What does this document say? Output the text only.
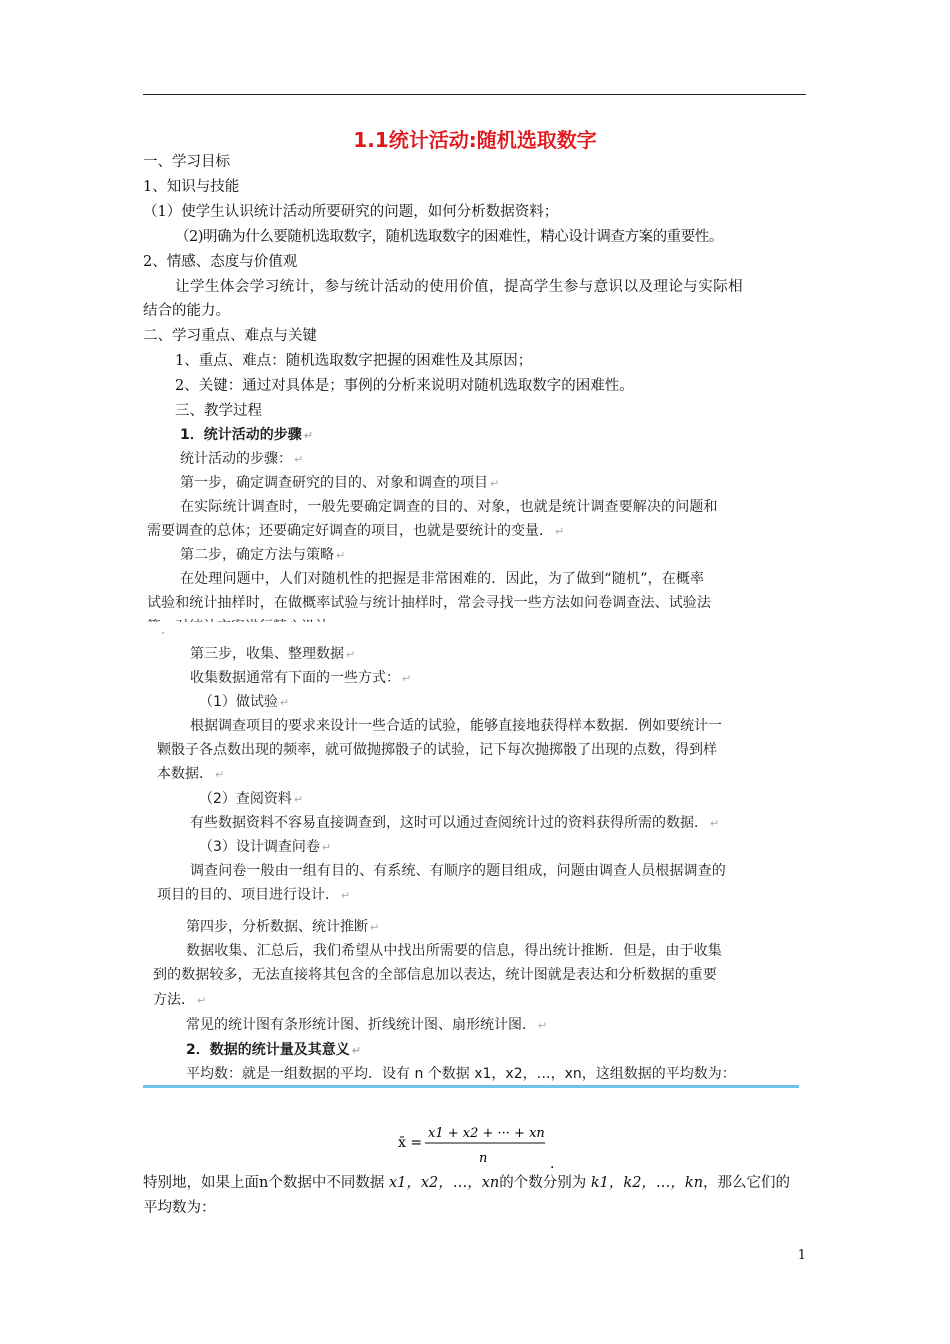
1.1统计活动:随机选取数字
一、学习目标
1、知识与技能
（1）使学生认识统计活动所要研究的问题，如何分析数据资料；
（2)明确为什么要随机选取数字，随机选取数字的困难性，精心设计调查方案的重要性。
2、情感、态度与价值观
让学生体会学习统计，参与统计活动的使用价值，提高学生参与意识以及理论与实际相
结合的能力。
二、学习重点、难点与关键
1、重点、难点：随机选取数字把握的困难性及其原因；
2、关键：通过对具体是；事例的分析来说明对随机选取数字的困难性。
三、教学过程
1．统计活动的步骤 ↵
统计活动的步骤： ↵
第一步，确定调查研究的目的、对象和调查的项目 ↵
在实际统计调查时，一般先要确定调查的目的、对象，也就是统计调查要解决的问题和
需要调查的总体；还要确定好调查的项目，也就是要统计的变量． ↵
第二步，确定方法与策略 ↵
在处理问题中，人们对随机性的把握是非常困难的．因此，为了做到“随机”，在概率
试验和统计抽样时，在做概率试验与统计抽样时，常会寻找一些方法如问卷调查法、试验法
第三步，收集、整理数据 ↵
收集数据通常有下面的一些方式： ↵
（1）做试验 ↵
根据调查项目的要求来设计一些合适的试验，能够直接地获得样本数据．例如要统计一
颗骰子各点数出现的频率，就可做抛掷骰子的试验，记下每次抛掷骰了出现的点数，得到样
本数据． ↵
（2）查阅资料 ↵
有些数据资料不容易直接调查到，这时可以通过查阅统计过的资料获得所需的数据． ↵
（3）设计调查问卷 ↵
调查问卷一般由一组有目的、有系统、有顺序的题目组成，问题由调查人员根据调查的
项目的目的、项目进行设计． ↵
第四步，分析数据、统计推断 ↵
数据收集、汇总后，我们希望从中找出所需要的信息，得出统计推断．但是，由于收集
到的数据较多，无法直接将其包含的全部信息加以表达，统计图就是表达和分析数据的重要
方法． ↵
常见的统计图有条形统计图、折线统计图、扇形统计图． ↵
2．数据的统计量及其意义 ↵
平均数：就是一组数据的平均．设有 n 个数据 x1，x2，…，xn，这组数据的平均数为：
x̄ =
x1 + x2 + ··· + xn
n	.
特别地，如果上面n个数据中不同数据 x1，x2，…，xn的个数分别为 k1，k2，…，kn，那么它们的
平均数为：
1
